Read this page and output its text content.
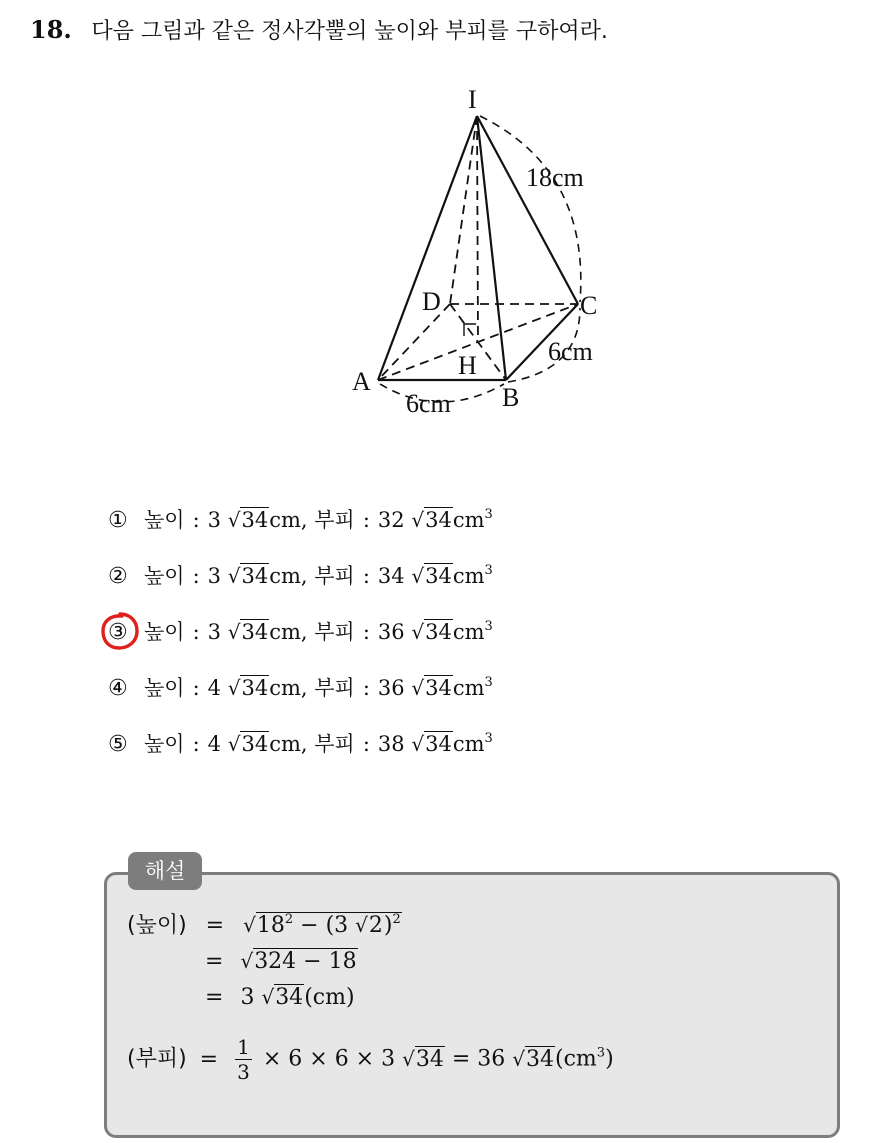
18. 다음 그림과 같은 정사각뿔의 높이와 부피를 구하여라.
I
A
B
C
D
H
18cm
6cm
6cm
① 높이 : 3 √34cm, 부피 : 32 $√34cm^3$
② 높이 : 3 √34cm, 부피 : 34 $√34cm^3$
③ 높이 : 3 √34cm, 부피 : 36 $√34cm^3$
④ 높이 : 4 √34cm, 부피 : 36 $√34cm^3$
⑤ 높이 : 4 √34cm, 부피 : 38 $√34cm^3$
해설
(높이) = $√18^2 - (3$ √2)$^2$
= √324 − 18
= 3 √34(cm)
(부피) = $\frac{1}{3} \times 6 \times 6 \times 3$ √34 = 36 $√34(cm^3)$
